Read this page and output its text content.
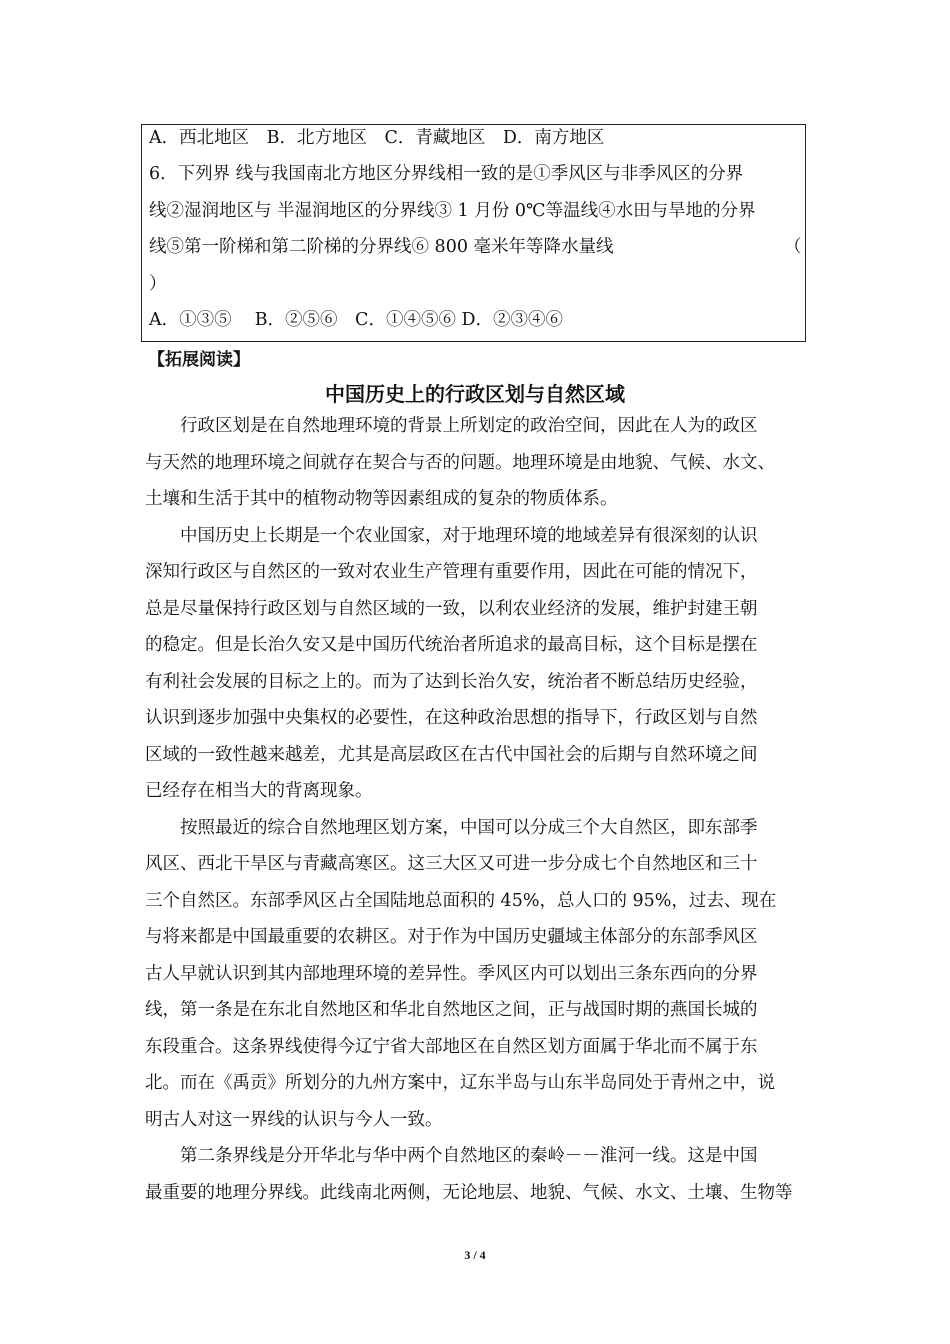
A．西北地区　B．北方地区　C．青藏地区　D．南方地区
6．下列界 线与我国南北方地区分界线相一致的是①季风区与非季风区的分界
线②湿润地区与 半湿润地区的分界线③ 1 月份 0℃等温线④水田与旱地的分界
线⑤第一阶梯和第二阶梯的分界线⑥ 800 毫米年等降水量线	（
）
A．①③⑤　 B．②⑤⑥　C．①④⑤⑥ D．②③④⑥
【拓展阅读】
中国历史上的行政区划与自然区域
　　行政区划是在自然地理环境的背景上所划定的政治空间，因此在人为的政区
与天然的地理环境之间就存在契合与否的问题。地理环境是由地貌、气候、水文、
土壤和生活于其中的植物动物等因素组成的复杂的物质体系。
　　中国历史上长期是一个农业国家，对于地理环境的地域差异有很深刻的认识
深知行政区与自然区的一致对农业生产管理有重要作用，因此在可能的情况下，
总是尽量保持行政区划与自然区域的一致，以利农业经济的发展，维护封建王朝
的稳定。但是长治久安又是中国历代统治者所追求的最高目标，这个目标是摆在
有利社会发展的目标之上的。而为了达到长治久安，统治者不断总结历史经验，
认识到逐步加强中央集权的必要性，在这种政治思想的指导下，行政区划与自然
区域的一致性越来越差，尤其是高层政区在古代中国社会的后期与自然环境之间
已经存在相当大的背离现象。
　　按照最近的综合自然地理区划方案，中国可以分成三个大自然区，即东部季
风区、西北干旱区与青藏高寒区。这三大区又可进一步分成七个自然地区和三十
三个自然区。东部季风区占全国陆地总面积的 45%，总人口的 95%，过去、现在
与将来都是中国最重要的农耕区。对于作为中国历史疆域主体部分的东部季风区
古人早就认识到其内部地理环境的差异性。季风区内可以划出三条东西向的分界
线，第一条是在东北自然地区和华北自然地区之间，正与战国时期的燕国长城的
东段重合。这条界线使得今辽宁省大部地区在自然区划方面属于华北而不属于东
北。而在《禹贡》所划分的九州方案中，辽东半岛与山东半岛同处于青州之中，说
明古人对这一界线的认识与今人一致。
　　第二条界线是分开华北与华中两个自然地区的秦岭－－淮河一线。这是中国
最重要的地理分界线。此线南北两侧，无论地层、地貌、气候、水文、土壤、生物等
3 / 4
